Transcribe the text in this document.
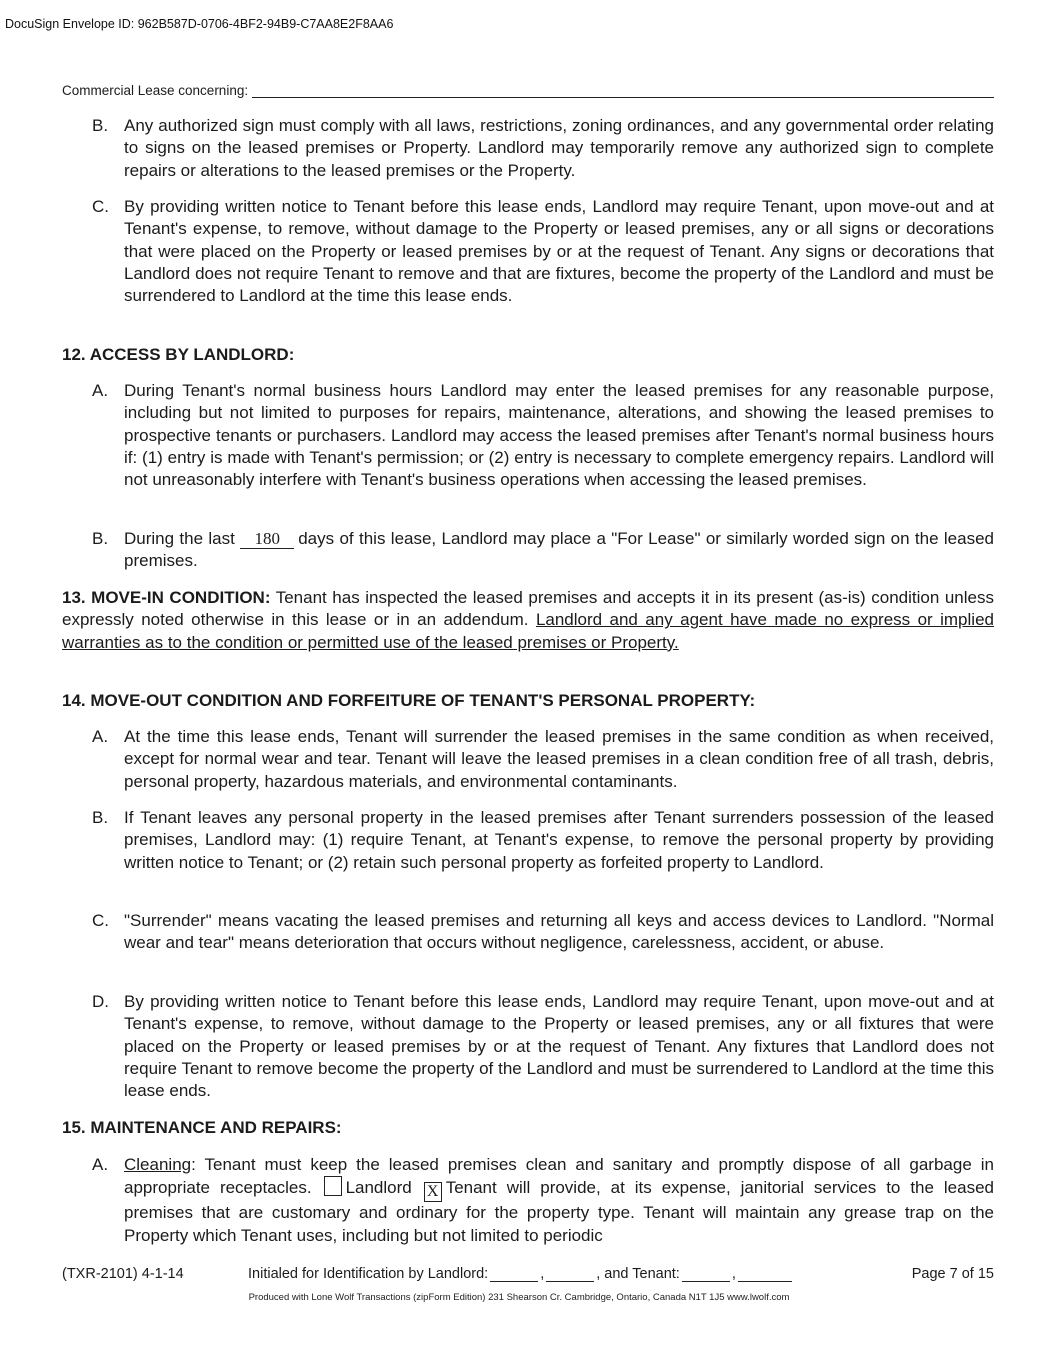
DocuSign Envelope ID: 962B587D-0706-4BF2-94B9-C7AA8E2F8AA6
Commercial Lease concerning:
B. Any authorized sign must comply with all laws, restrictions, zoning ordinances, and any governmental order relating to signs on the leased premises or Property. Landlord may temporarily remove any authorized sign to complete repairs or alterations to the leased premises or the Property.
C. By providing written notice to Tenant before this lease ends, Landlord may require Tenant, upon move-out and at Tenant's expense, to remove, without damage to the Property or leased premises, any or all signs or decorations that were placed on the Property or leased premises by or at the request of Tenant. Any signs or decorations that Landlord does not require Tenant to remove and that are fixtures, become the property of the Landlord and must be surrendered to Landlord at the time this lease ends.
12. ACCESS BY LANDLORD:
A. During Tenant's normal business hours Landlord may enter the leased premises for any reasonable purpose, including but not limited to purposes for repairs, maintenance, alterations, and showing the leased premises to prospective tenants or purchasers. Landlord may access the leased premises after Tenant's normal business hours if: (1) entry is made with Tenant's permission; or (2) entry is necessary to complete emergency repairs. Landlord will not unreasonably interfere with Tenant's business operations when accessing the leased premises.
B. During the last 180 days of this lease, Landlord may place a "For Lease" or similarly worded sign on the leased premises.
13. MOVE-IN CONDITION: Tenant has inspected the leased premises and accepts it in its present (as-is) condition unless expressly noted otherwise in this lease or in an addendum. Landlord and any agent have made no express or implied warranties as to the condition or permitted use of the leased premises or Property.
14. MOVE-OUT CONDITION AND FORFEITURE OF TENANT'S PERSONAL PROPERTY:
A. At the time this lease ends, Tenant will surrender the leased premises in the same condition as when received, except for normal wear and tear. Tenant will leave the leased premises in a clean condition free of all trash, debris, personal property, hazardous materials, and environmental contaminants.
B. If Tenant leaves any personal property in the leased premises after Tenant surrenders possession of the leased premises, Landlord may: (1) require Tenant, at Tenant's expense, to remove the personal property by providing written notice to Tenant; or (2) retain such personal property as forfeited property to Landlord.
C. "Surrender" means vacating the leased premises and returning all keys and access devices to Landlord. "Normal wear and tear" means deterioration that occurs without negligence, carelessness, accident, or abuse.
D. By providing written notice to Tenant before this lease ends, Landlord may require Tenant, upon move-out and at Tenant's expense, to remove, without damage to the Property or leased premises, any or all fixtures that were placed on the Property or leased premises by or at the request of Tenant. Any fixtures that Landlord does not require Tenant to remove become the property of the Landlord and must be surrendered to Landlord at the time this lease ends.
15. MAINTENANCE AND REPAIRS:
A. Cleaning: Tenant must keep the leased premises clean and sanitary and promptly dispose of all garbage in appropriate receptacles. Landlord X Tenant will provide, at its expense, janitorial services to the leased premises that are customary and ordinary for the property type. Tenant will maintain any grease trap on the Property which Tenant uses, including but not limited to periodic
(TXR-2101) 4-1-14	Initialed for Identification by Landlord:	,	, and Tenant:	,	Page 7 of 15
Produced with Lone Wolf Transactions (zipForm Edition) 231 Shearson Cr. Cambridge, Ontario, Canada N1T 1J5 www.lwolf.com
